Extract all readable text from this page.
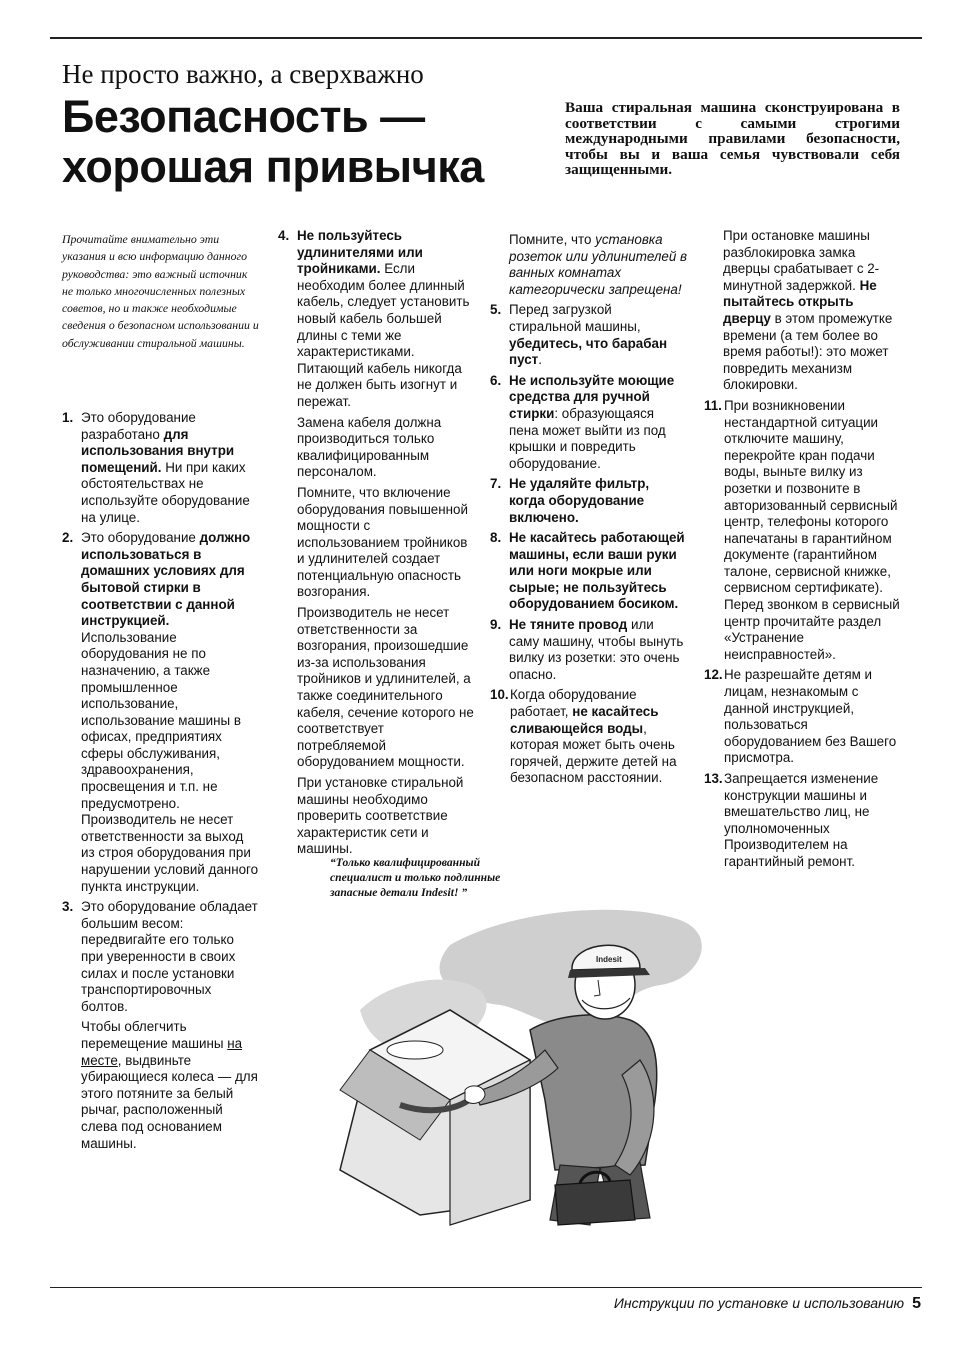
Не просто важно, а сверхважно
Безопасность —
хорошая привычка
Ваша стиральная машина сконструирована в соответствии с самыми строгими международными правилами безопасности, чтобы вы и ваша семья чувствовали себя защищенными.
Прочитайте внимательно эти указания и всю информацию данного руководства: это важный источник не только многочисленных полезных советов, но и также необходимые сведения о безопасном использовании и обслуживании стиральной машины.
1. Это оборудование разработано для использования внутри помещений. Ни при каких обстоятельствах не используйте оборудование на улице.
2. Это оборудование должно использоваться в домашних условиях для бытовой стирки в соответствии с данной инструкцией. Использование оборудования не по назначению, а также промышленное использование, использование машины в офисах, предприятиях сферы обслуживания, здравоохранения, просвещения и т.п. не предусмотрено. Производитель не несет ответственности за выход из строя оборудования при нарушении условий данного пункта инструкции.
3. Это оборудование обладает большим весом: передвигайте его только при уверенности в своих силах и после установки транспортировочных болтов.

Чтобы облегчить перемещение машины на месте, выдвиньте убирающиеся колеса — для этого потяните за белый рычаг, расположенный слева под основанием машины.

4. Не пользуйтесь удлинителями или тройниками. Если необходим более длинный кабель, следует установить новый кабель большей длины с теми же характеристиками. Питающий кабель никогда не должен быть изогнут и пережат.

Замена кабеля должна производиться только квалифицированным персоналом.

Помните, что включение оборудования повышенной мощности с использованием тройников и удлинителей создает потенциальную опасность возгорания.

Производитель не несет ответственности за возгорания, произошедшие из-за использования тройников и удлинителей, а также соединительного кабеля, сечение которого не соответствует потребляемой оборудованием мощности.

При установке стиральной машины необходимо проверить соответствие характеристик сети и машины.

Помните, что установка розеток или удлинителей в ванных комнатах категорически запрещена!

5. Перед загрузкой стиральной машины, убедитесь, что барабан пуст.
6. Не используйте моющие средства для ручной стирки: образующаяся пена может выйти из под крышки и повредить оборудование.
7. Не удаляйте фильтр, когда оборудование включено.
8. Не касайтесь работающей машины, если ваши руки или ноги мокрые или сырые; не пользуйтесь оборудованием босиком.
9. Не тяните провод или саму машину, чтобы вынуть вилку из розетки: это очень опасно.
10. Когда оборудование работает, не касайтесь сливающейся воды, которая может быть очень горячей, держите детей на безопасном расстоянии.

При остановке машины разблокировка замка дверцы срабатывает с 2-минутной задержкой. Не пытайтесь открыть дверцу в этом промежутке времени (а тем более во время работы!): это может повредить механизм блокировки.

11. При возникновении нестандартной ситуации отключите машину, перекройте кран подачи воды, выньте вилку из розетки и позвоните в авторизованный сервисный центр, телефоны которого напечатаны в гарантийном документе (гарантийном талоне, сервисной книжке, сервисном сертификате). Перед звонком в сервисный центр прочитайте раздел «Устранение неисправностей».
12. Не разрешайте детям и лицам, незнакомым с данной инструкцией, пользоваться оборудованием без Вашего присмотра.
13. Запрещается изменение конструкции машины и вмешательство лиц, не уполномоченных Производителем на гарантийный ремонт.
“Только квалифицированный специалист и только подлинные запасные детали Indesit! ”
Indesit
Инструкции по установке и использованию 5
